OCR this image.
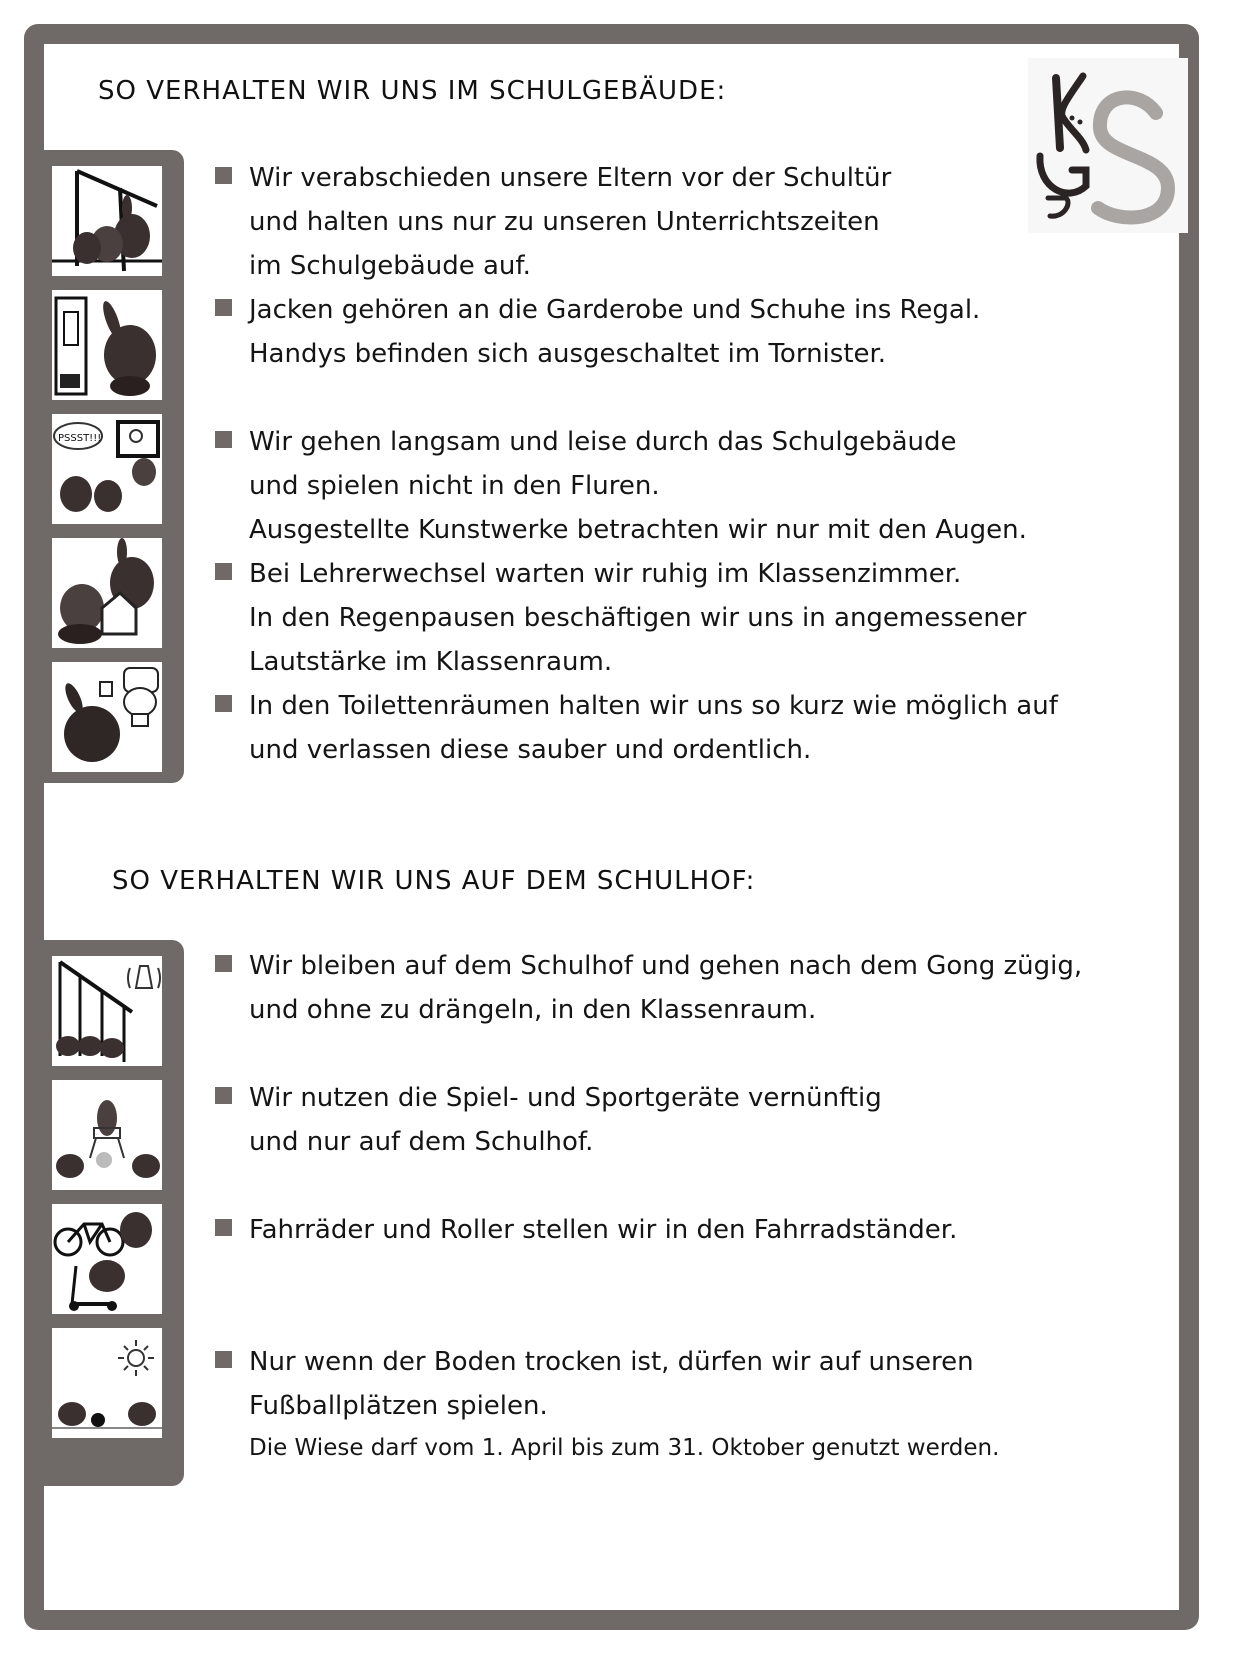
SO VERHALTEN WIR UNS IM SCHULGEBÄUDE:
PSSST!!!
Wir verabschieden unsere Eltern vor der Schultür
und halten uns nur zu unseren Unterrichtszeiten
im Schulgebäude auf.
Jacken gehören an die Garderobe und Schuhe ins Regal.
Handys befinden sich ausgeschaltet im Tornister.
Wir gehen langsam und leise durch das Schulgebäude
und spielen nicht in den Fluren.
Ausgestellte Kunstwerke betrachten wir nur mit den Augen.
Bei Lehrerwechsel warten wir ruhig im Klassenzimmer.
In den Regenpausen beschäftigen wir uns in angemessener
Lautstärke im Klassenraum.
In den Toilettenräumen halten wir uns so kurz wie möglich auf
und verlassen diese sauber und ordentlich.
SO VERHALTEN WIR UNS AUF DEM SCHULHOF:
Wir bleiben auf dem Schulhof und gehen nach dem Gong zügig,
und ohne zu drängeln, in den Klassenraum.
Wir nutzen die Spiel- und Sportgeräte vernünftig
und nur auf dem Schulhof.
Fahrräder und Roller stellen wir in den Fahrradständer.
Nur wenn der Boden trocken ist, dürfen wir auf unseren
Fußballplätzen spielen.
Die Wiese darf vom 1. April bis zum 31. Oktober genutzt werden.
